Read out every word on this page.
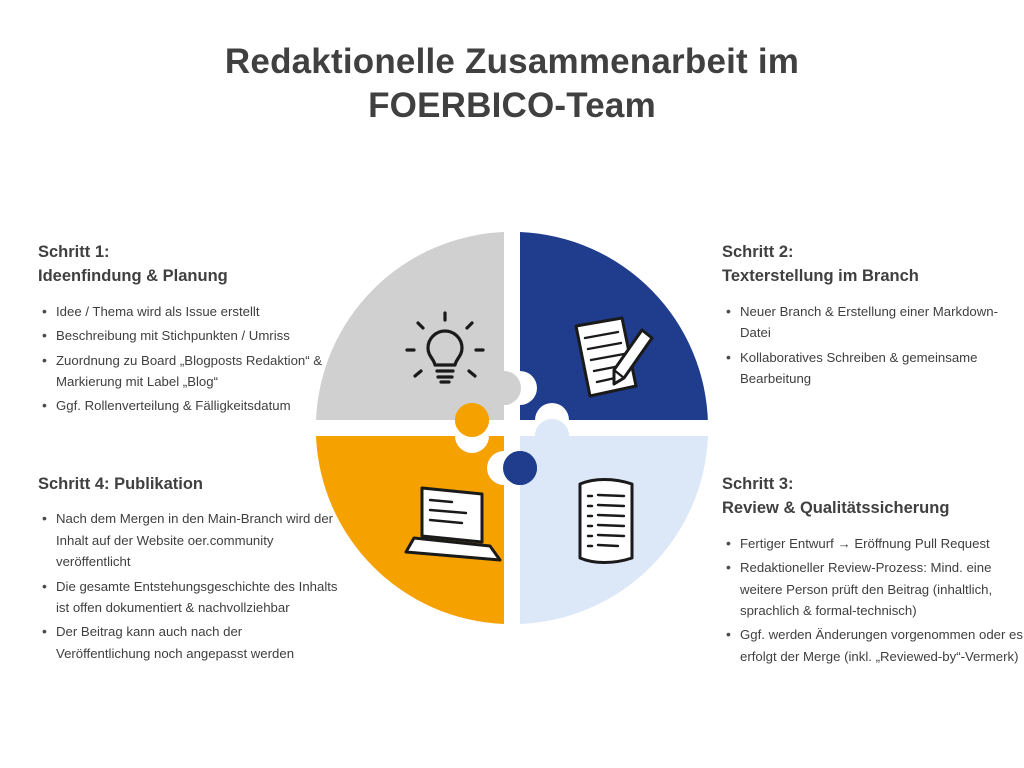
Redaktionelle Zusammenarbeit im
FOERBICO-Team
Schritt 1:
Ideenfindung & Planung
• Idee / Thema wird als Issue erstellt
• Beschreibung mit Stichpunkten / Umriss
• Zuordnung zu Board „Blogposts Redaktion“ & Markierung mit Label „Blog“
• Ggf. Rollenverteilung & Fälligkeitsdatum
Schritt 2:
Texterstellung im Branch
• Neuer Branch & Erstellung einer Markdown-Datei
• Kollaboratives Schreiben & gemeinsame Bearbeitung
Schritt 3:
Review & Qualitätssicherung
• Fertiger Entwurf → Eröffnung Pull Request
• Redaktioneller Review-Prozess: Mind. eine weitere Person prüft den Beitrag (inhaltlich, sprachlich & formal-technisch)
• Ggf. werden Änderungen vorgenommen oder es erfolgt der Merge (inkl. „Reviewed-by“-Vermerk)
Schritt 4: Publikation
• Nach dem Mergen in den Main-Branch wird der Inhalt auf der Website oer.community veröffentlicht
• Die gesamte Entstehungsgeschichte des Inhalts ist offen dokumentiert & nachvollziehbar
• Der Beitrag kann auch nach der Veröffentlichung noch angepasst werden
